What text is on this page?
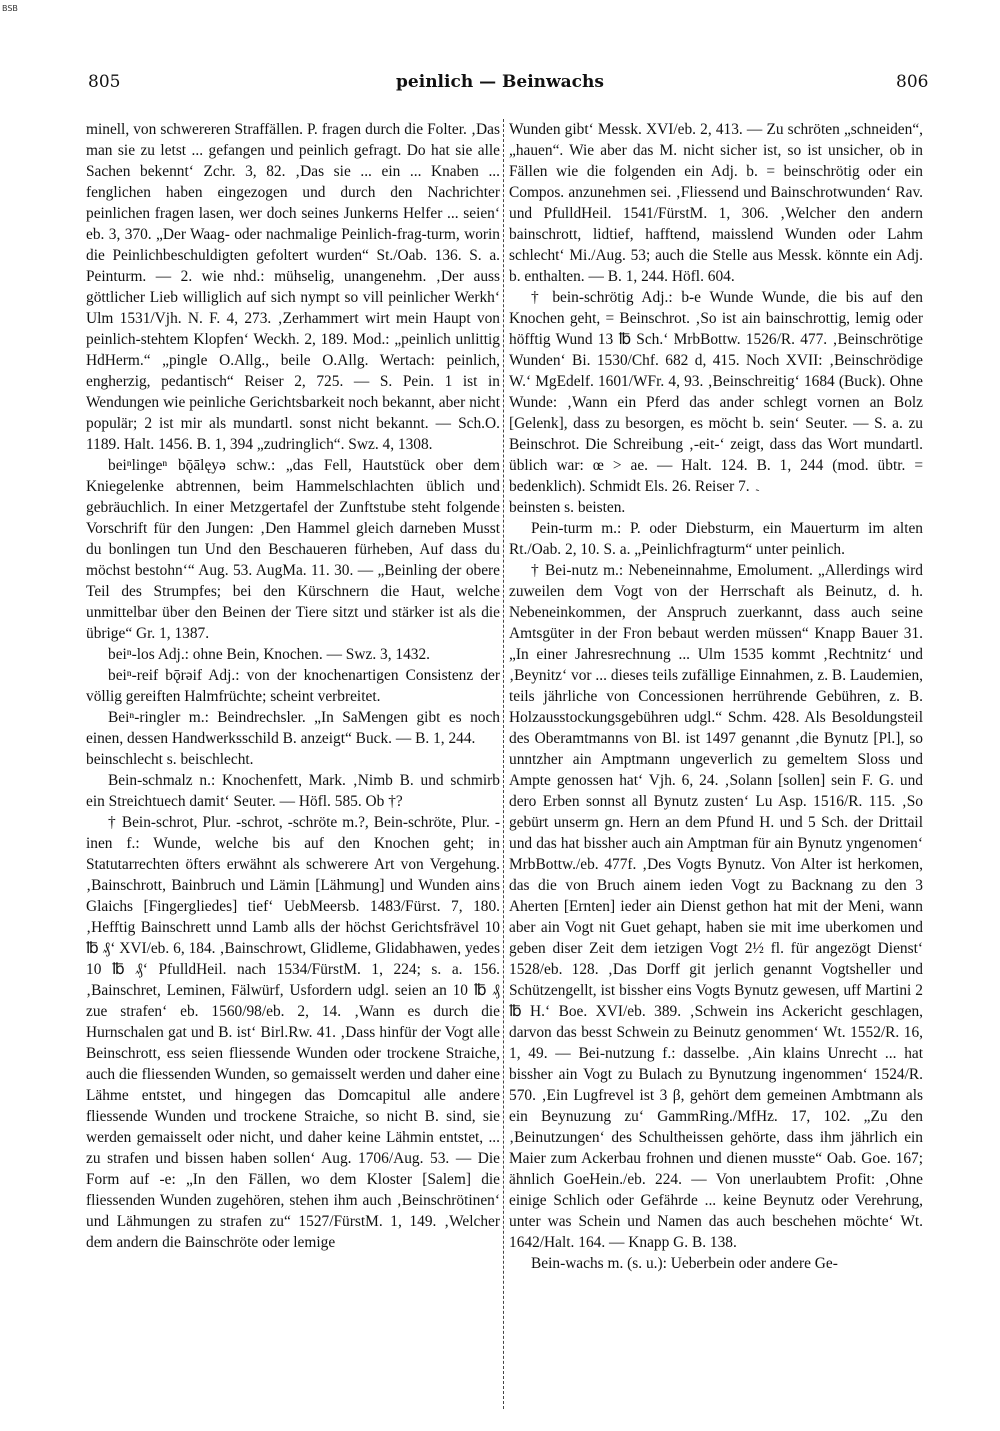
BSB
805	peinlich — Beinwachs	806

minell, von schwereren Straffällen. P. fragen durch die Folter. ‚Das man sie zu letst ... gefangen und peinlich gefragt. Do hat sie alle Sachen bekennt‘ Zchr. 3, 82. ‚Das sie ... ein ... Knaben ... fenglichen haben eingezogen und durch den Nachrichter peinlichen fragen lasen, wer doch seines Junkerns Helfer ... seien‘ eb. 3, 370. „Der Waag- oder nachmalige Peinlich-frag-turm, worin die Peinlichbeschuldigten gefoltert wurden“ St./Oab. 136. S. a. Peinturm. — 2. wie nhd.: mühselig, unangenehm. ‚Der auss göttlicher Lieb williglich auf sich nympt so vill peinlicher Werkh‘ Ulm 1531/Vjh. N. F. 4, 273. ‚Zerhammert wirt mein Haupt von peinlich-stehtem Klopfen‘ Weckh. 2, 189. Mod.: „peinlich unlittig HdHerm.“ „pingle O.Allg., beile O.Allg. Wertach: peinlich, engherzig, pedantisch“ Reiser 2, 725. — S. Pein. 1 ist in Wendungen wie peinliche Gerichtsbarkeit noch bekannt, aber nicht populär; 2 ist mir als mundartl. sonst nicht bekannt. — Sch.O. 1189. Halt. 1456. B. 1, 394 „zudringlich“. Swz. 4, 1308.

beiⁿlingeⁿ bǭālęyə schw.: „das Fell, Hautstück ober dem Kniegelenke abtrennen, beim Hammelschlachten üblich und gebräuchlich. In einer Metzgertafel der Zunftstube steht folgende Vorschrift für den Jungen: ‚Den Hammel gleich darneben Musst du bonlingen tun Und den Beschaueren fürheben, Auf dass du möchst bestohn‘“ Aug. 53. AugMa. 11. 30. — „Beinling der obere Teil des Strumpfes; bei den Kürschnern die Haut, welche unmittelbar über den Beinen der Tiere sitzt und stärker ist als die übrige“ Gr. 1, 1387.

beiⁿ-los Adj.: ohne Bein, Knochen. — Swz. 3, 1432.

beiⁿ-reif bǭrəif Adj.: von der knochenartigen Consistenz der völlig gereiften Halmfrüchte; scheint verbreitet.

Beiⁿ-ringler m.: Beindrechsler. „In SaMengen gibt es noch einen, dessen Handwerksschild B. anzeigt“ Buck. — B. 1, 244.

beinschlecht s. beischlecht.

Bein-schmalz n.: Knochenfett, Mark. ‚Nimb B. und schmirb ein Streichtuech damit‘ Seuter. — Höfl. 585. Ob †?

† Bein-schrot, Plur. -schrot, -schröte m.?, Bein-schröte, Plur. -inen f.: Wunde, welche bis auf den Knochen geht; in Statutarrechten öfters erwähnt als schwerere Art von Vergehung. ‚Bainschrott, Bainbruch und Lämin [Lähmung] und Wunden ains Glaichs [Fingergliedes] tief‘ UebMeersb. 1483/Fürst. 7, 180. ‚Hefftig Bainschrett unnd Lamb alls der höchst Gerichtsfrävel 10 ℔ ₰‘ XVI/eb. 6, 184. ‚Bainschrowt, Glidleme, Glidabhawen, yedes 10 ℔ ₰‘ PfulldHeil. nach 1534/FürstM. 1, 224; s. a. 156. ‚Bainschret, Leminen, Fälwürf, Usfordern udgl. seien an 10 ℔ ₰ zue strafen‘ eb. 1560/98/eb. 2, 14. ‚Wann es durch die Hurnschalen gat und B. ist‘ Birl.Rw. 41. ‚Dass hinfür der Vogt alle Beinschrott, ess seien fliessende Wunden oder trockene Straiche, auch die fliessenden Wunden, so gemaisselt werden und daher eine Lähme entstet, und hingegen das Domcapitul alle andere fliessende Wunden und trockene Straiche, so nicht B. sind, sie werden gemaisselt oder nicht, und daher keine Lähmin entstet, ... zu strafen und bissen haben sollen‘ Aug. 1706/Aug. 53. — Die Form auf -e: „In den Fällen, wo dem Kloster [Salem] die fliessenden Wunden zugehören, stehen ihm auch ‚Beinschrötinen‘ und Lähmungen zu strafen zu“ 1527/FürstM. 1, 149. ‚Welcher dem andern die Bainschröte oder lemige

Wunden gibt‘ Messk. XVI/eb. 2, 413. — Zu schröten „schneiden“, „hauen“. Wie aber das M. nicht sicher ist, so ist unsicher, ob in Fällen wie die folgenden ein Adj. b. = beinschrötig oder ein Compos. anzunehmen sei. ‚Fliessend und Bainschrotwunden‘ Rav. und PfulldHeil. 1541/FürstM. 1, 306. ‚Welcher den andern bainschrott, lidtief, hafftend, maisslend Wunden oder Lahm schlecht‘ Mi./Aug. 53; auch die Stelle aus Messk. könnte ein Adj. b. enthalten. — B. 1, 244. Höfl. 604.

† bein-schrötig Adj.: b-e Wunde Wunde, die bis auf den Knochen geht, = Beinschrot. ‚So ist ain bainschrottig, lemig oder höfftig Wund 13 ℔ Sch.‘ MrbBottw. 1526/R. 477. ‚Beinschrötige Wunden‘ Bi. 1530/Chf. 682 d, 415. Noch XVII: ‚Beinschrödige W.‘ MgEdelf. 1601/WFr. 4, 93. ‚Beinschreitig‘ 1684 (Buck). Ohne Wunde: ‚Wann ein Pferd das ander schlegt vornen an Bolz [Gelenk], dass zu besorgen, es möcht b. sein‘ Seuter. — S. a. zu Beinschrot. Die Schreibung ‚-eit-‘ zeigt, dass das Wort mundartl. üblich war: œ > ae. — Halt. 124. B. 1, 244 (mod. übtr. = bedenklich). Schmidt Els. 26. Reiser 7.

beinsten s. beisten.

Pein-turm m.: P. oder Diebsturm, ein Mauerturm im alten Rt./Oab. 2, 10. S. a. „Peinlichfragturm“ unter peinlich.

† Bei-nutz m.: Nebeneinnahme, Emolument. „Allerdings wird zuweilen dem Vogt von der Herrschaft als Beinutz, d. h. Nebeneinkommen, der Anspruch zuerkannt, dass auch seine Amtsgüter in der Fron bebaut werden müssen“ Knapp Bauer 31. „In einer Jahresrechnung ... Ulm 1535 kommt ‚Rechtnitz‘ und ‚Beynitz‘ vor ... dieses teils zufällige Einnahmen, z. B. Laudemien, teils jährliche von Concessionen herrührende Gebühren, z. B. Holzausstockungsgebühren udgl.“ Schm. 428. Als Besoldungsteil des Oberamtmanns von Bl. ist 1497 genannt ‚die Bynutz [Pl.], so unntzher ain Amptmann ungeverlich zu gemeltem Sloss und Ampte genossen hat‘ Vjh. 6, 24. ‚Solann [sollen] sein F. G. und dero Erben sonnst all Bynutz zusten‘ Lu Asp. 1516/R. 115. ‚So gebürt unserm gn. Hern an dem Pfund H. und 5 Sch. der Drittail und das hat bissher auch ain Amptman für ain Bynutz yngenomen‘ MrbBottw./eb. 477f. ‚Des Vogts Bynutz. Von Alter ist herkomen, das die von Bruch ainem ieden Vogt zu Backnang zu den 3 Aherten [Ernten] ieder ain Dienst gethon hat mit der Meni, wann aber ain Vogt nit Guet gehapt, haben sie mit ime uberkomen und geben diser Zeit dem ietzigen Vogt 2½ fl. für angezögt Dienst‘ 1528/eb. 128. ‚Das Dorff git jerlich genannt Vogtsheller und Schützengellt, ist bissher eins Vogts Bynutz gewesen, uff Martini 2 ℔ H.‘ Boe. XVI/eb. 389. ‚Schwein ins Ackericht geschlagen, darvon das besst Schwein zu Beinutz genommen‘ Wt. 1552/R. 16, 1, 49. — Bei-nutzung f.: dasselbe. ‚Ain klains Unrecht ... hat bissher ain Vogt zu Bulach zu Bynutzung ingenommen‘ 1524/R. 570. ‚Ein Lugfrevel ist 3 β, gehört dem gemeinen Ambtmann als ein Beynuzung zu‘ GammRing./MfHz. 17, 102. „Zu den ‚Beinutzungen‘ des Schultheissen gehörte, dass ihm jährlich ein Maier zum Ackerbau frohnen und dienen musste“ Oab. Goe. 167; ähnlich GoeHein./eb. 224. — Von unerlaubtem Profit: ‚Ohne einige Schlich oder Gefährde ... keine Beynutz oder Verehrung, unter was Schein und Namen das auch beschehen möchte‘ Wt. 1642/Halt. 164. — Knapp G. B. 138.

Bein-wachs m. (s. u.): Ueberbein oder andere Ge-

`
